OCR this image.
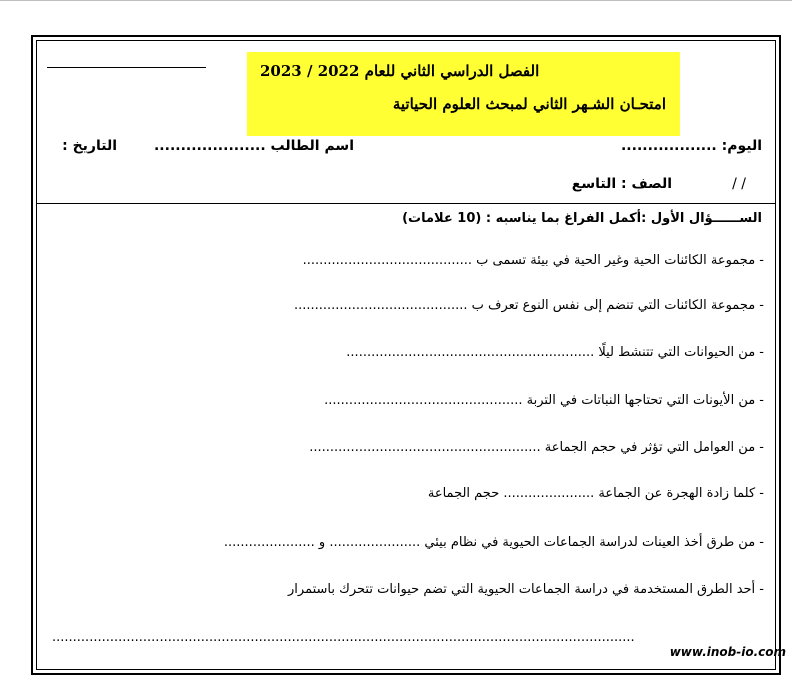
الفصل الدراسي الثاني للعام 2022 / 2023
امتحـان الشـهر الثاني لمبحث العلوم الحياتية
اليوم: ..................
اسم الطالب .....................
التاريخ :
الصف : التاسع	/ /
الســــــؤال الأول :أكمل الفراغ بما يناسبه : (10 علامات)
- مجموعة الكائنات الحية وغير الحية في بيئة تسمى ب .........................................
- مجموعة الكائنات التي تنضم إلى نفس النوع تعرف ب ..........................................
- من الحيوانات التي تتنشط ليلًا ............................................................
- من الأيونات التي تحتاجها النباتات في التربة ................................................
- من العوامل التي تؤثر في حجم الجماعة ........................................................
- كلما زادة الهجرة عن الجماعة ...................... حجم الجماعة
- من طرق أخذ العينات لدراسة الجماعات الحيوية في نظام بيئي ...................... و ......................
- أحد الطرق المستخدمة في دراسة الجماعات الحيوية التي تضم حيوانات تتحرك باستمرار
.............................................................................................................................................
www.inob-io.com
